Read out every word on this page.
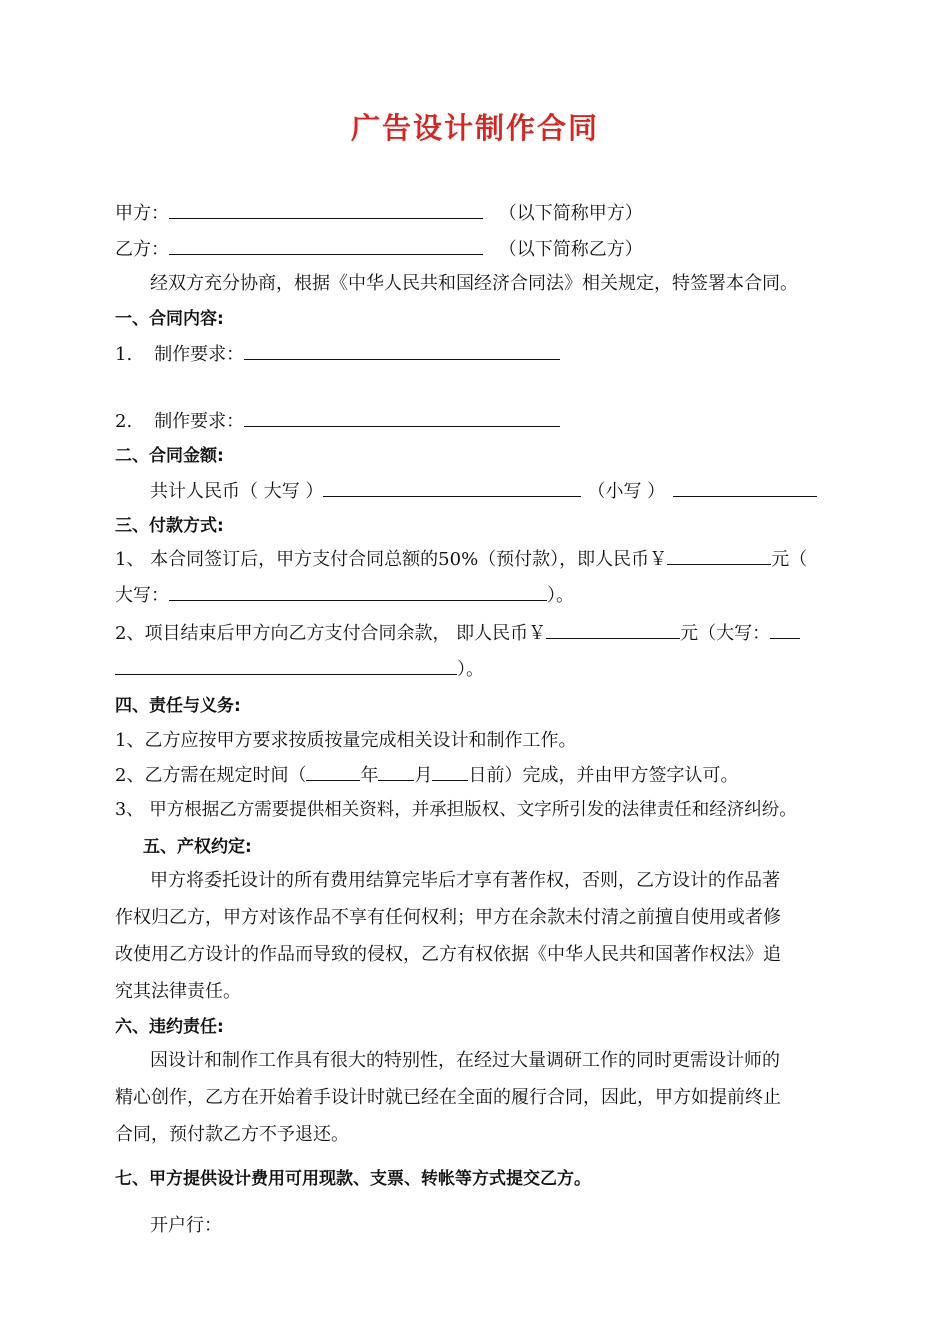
广告设计制作合同
甲方：	（以下简称甲方）
乙方：	（以下简称乙方）
经双方充分协商，根据《中华人民共和国经济合同法》相关规定，特签署本合同。
一、合同内容:
1. 制作要求：
2. 制作要求：
二、合同金额:
共计人民币（ 大写 ）	（小写 ）
三、付款方式:
1、 本合同签订后，甲方支付合同总额的50%（预付款），即人民币￥	元（
大写：	）。
2、项目结束后甲方向乙方支付合同余款， 即人民币￥	元（大写：
）。
四、责任与义务:
1、乙方应按甲方要求按质按量完成相关设计和制作工作。
2、乙方需在规定时间（	年 月 日前）完成，并由甲方签字认可。
3、 甲方根据乙方需要提供相关资料，并承担版权、文字所引发的法律责任和经济纠纷。
五、产权约定:
甲方将委托设计的所有费用结算完毕后才享有著作权，否则，乙方设计的作品著
作权归乙方，甲方对该作品不享有任何权利；甲方在余款未付清之前擅自使用或者修
改使用乙方设计的作品而导致的侵权，乙方有权依据《中华人民共和国著作权法》追
究其法律责任。
六、违约责任:
因设计和制作工作具有很大的特别性，在经过大量调研工作的同时更需设计师的
精心创作，乙方在开始着手设计时就已经在全面的履行合同，因此，甲方如提前终止
合同，预付款乙方不予退还。
七、甲方提供设计费用可用现款、支票、转帐等方式提交乙方。
开户行：
